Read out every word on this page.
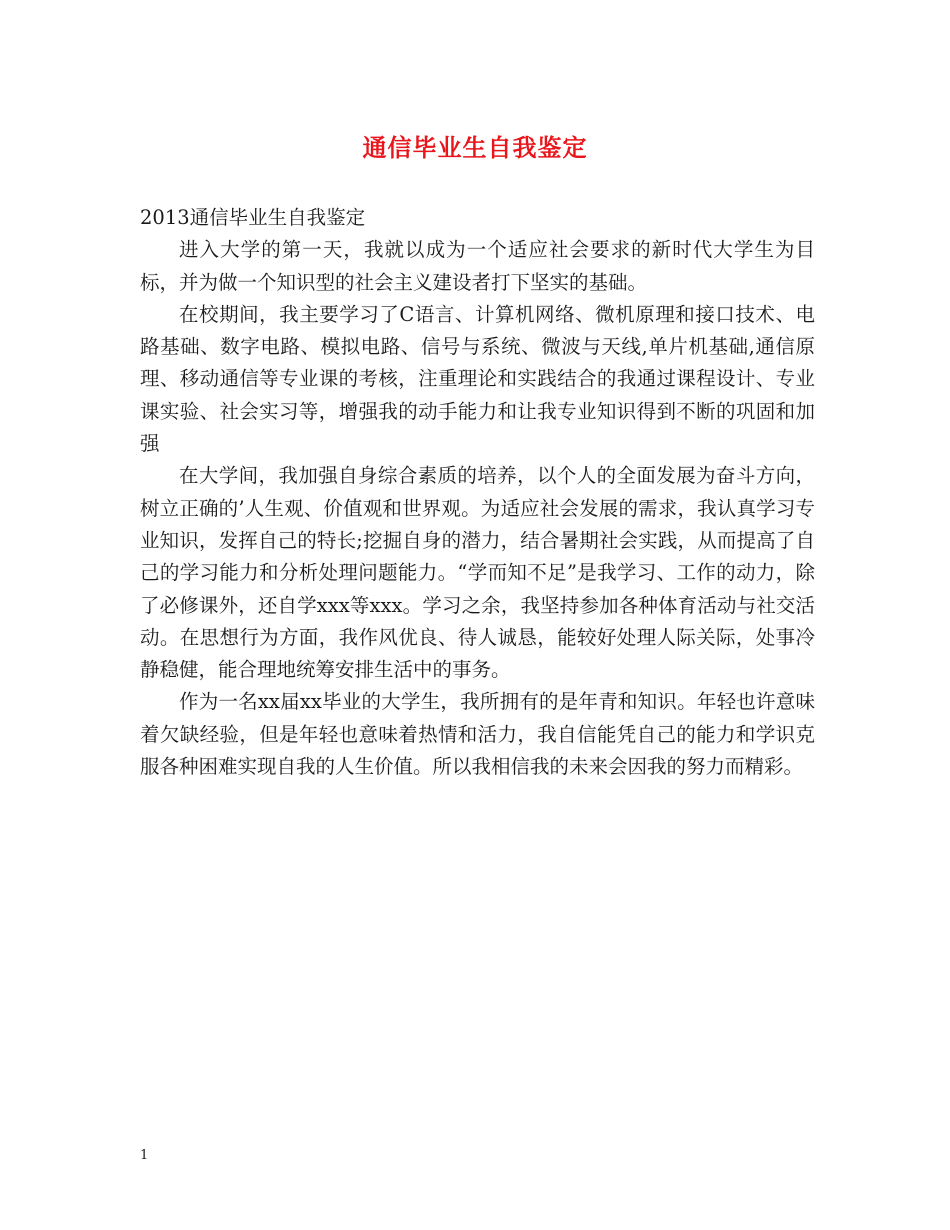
通信毕业生自我鉴定

2013通信毕业生自我鉴定

进入大学的第一天，我就以成为一个适应社会要求的新时代大学生为目标，并为做一个知识型的社会主义建设者打下坚实的基础。

在校期间，我主要学习了C语言、计算机网络、微机原理和接口技术、电路基础、数字电路、模拟电路、信号与系统、微波与天线,单片机基础,通信原理、移动通信等专业课的考核，注重理论和实践结合的我通过课程设计、专业课实验、社会实习等，增强我的动手能力和让我专业知识得到不断的巩固和加强

在大学间，我加强自身综合素质的培养，以个人的全面发展为奋斗方向，树立正确的’人生观、价值观和世界观。为适应社会发展的需求，我认真学习专业知识，发挥自己的特长;挖掘自身的潜力，结合暑期社会实践，从而提高了自己的学习能力和分析处理问题能力。“学而知不足”是我学习、工作的动力，除了必修课外，还自学xxx等xxx。学习之余，我坚持参加各种体育活动与社交活动。在思想行为方面，我作风优良、待人诚恳，能较好处理人际关际，处事冷静稳健，能合理地统筹安排生活中的事务。

作为一名xx届xx毕业的大学生，我所拥有的是年青和知识。年轻也许意味着欠缺经验，但是年轻也意味着热情和活力，我自信能凭自己的能力和学识克服各种困难实现自我的人生价值。所以我相信我的未来会因我的努力而精彩。

1
